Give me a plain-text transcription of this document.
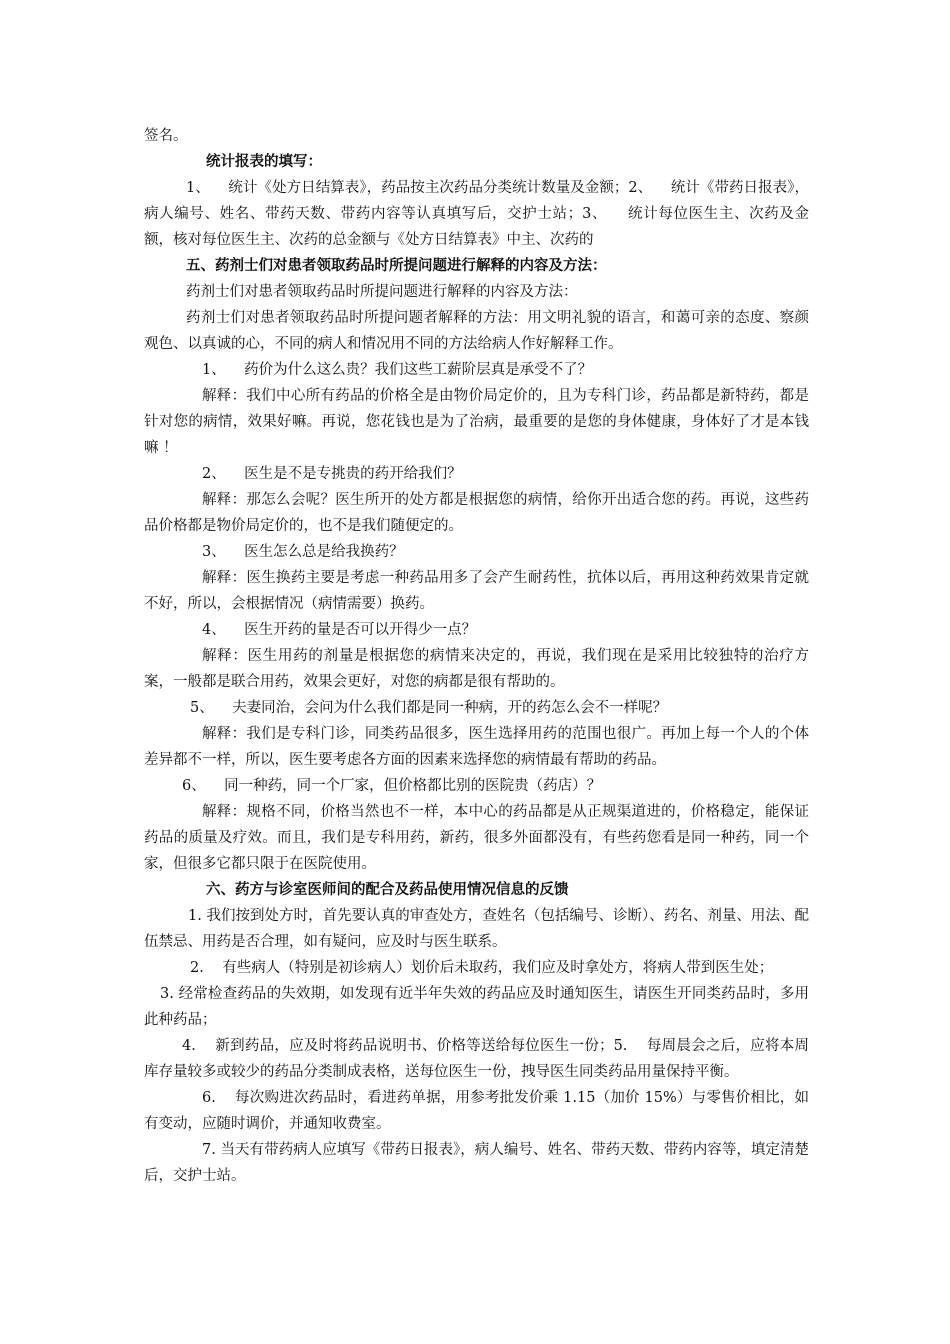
签名。

统计报表的填写：

1、    统计《处方日结算表》，药品按主次药品分类统计数量及金额；2、    统计《带药日报表》，病人编号、姓名、带药天数、带药内容等认真填写后，交护士站；3、    统计每位医生主、次药及金额，核对每位医生主、次药的总金额与《处方日结算表》中主、次药的

五、药剂士们对患者领取药品时所提问题进行解释的内容及方法：

药剂士们对患者领取药品时所提问题进行解释的内容及方法：

药剂士们对患者领取药品时所提问题者解释的方法：用文明礼貌的语言，和蔼可亲的态度、察颜观色、以真诚的心，不同的病人和情况用不同的方法给病人作好解释工作。

1、    药价为什么这么贵？我们这些工薪阶层真是承受不了？

解释：我们中心所有药品的价格全是由物价局定价的，且为专科门诊，药品都是新特药，都是针对您的病情，效果好嘛。再说，您花钱也是为了治病，最重要的是您的身体健康，身体好了才是本钱嘛 ！

2、    医生是不是专挑贵的药开给我们？

解释：那怎么会呢？医生所开的处方都是根据您的病情，给你开出适合您的药。再说，这些药品价格都是物价局定价的，也不是我们随便定的。

3、    医生怎么总是给我换药？

解释：医生换药主要是考虑一种药品用多了会产生耐药性，抗体以后，再用这种药效果肯定就不好，所以，会根据情况（病情需要）换药。

4、    医生开药的量是否可以开得少一点？

解释：医生用药的剂量是根据您的病情来决定的，再说，我们现在是采用比较独特的治疗方案，一般都是联合用药，效果会更好，对您的病都是很有帮助的。

5、    夫妻同治，会问为什么我们都是同一种病，开的药怎么会不一样呢？

解释：我们是专科门诊，同类药品很多，医生选择用药的范围也很广。再加上每一个人的个体差异都不一样，所以，医生要考虑各方面的因素来选择您的病情最有帮助的药品。

6、    同一种药，同一个厂家，但价格都比别的医院贵（药店）？

解释：规格不同，价格当然也不一样，本中心的药品都是从正规渠道进的，价格稳定，能保证药品的质量及疗效。而且，我们是专科用药，新药，很多外面都没有，有些药您看是同一种药，同一个家，但很多它都只限于在医院使用。

六、药方与诊室医师间的配合及药品使用情况信息的反馈

1. 我们按到处方时，首先要认真的审查处方，查姓名（包括编号、诊断）、药名、剂量、用法、配伍禁忌、用药是否合理，如有疑问，应及时与医生联系。

2.    有些病人（特别是初诊病人）划价后未取药，我们应及时拿处方，将病人带到医生处；

3. 经常检查药品的失效期，如发现有近半年失效的药品应及时通知医生，请医生开同类药品时，多用此种药品；

4.    新到药品，应及时将药品说明书、价格等送给每位医生一份；5.    每周晨会之后，应将本周库存量较多或较少的药品分类制成表格，送每位医生一份，拽导医生同类药品用量保持平衡。

6.    每次购进次药品时，看进药单据，用参考批发价乘 1.15（加价 15%）与零售价相比，如有变动，应随时调价，并通知收费室。

7. 当天有带药病人应填写《带药日报表》，病人编号、姓名、带药天数、带药内容等，填定清楚后，交护士站。
